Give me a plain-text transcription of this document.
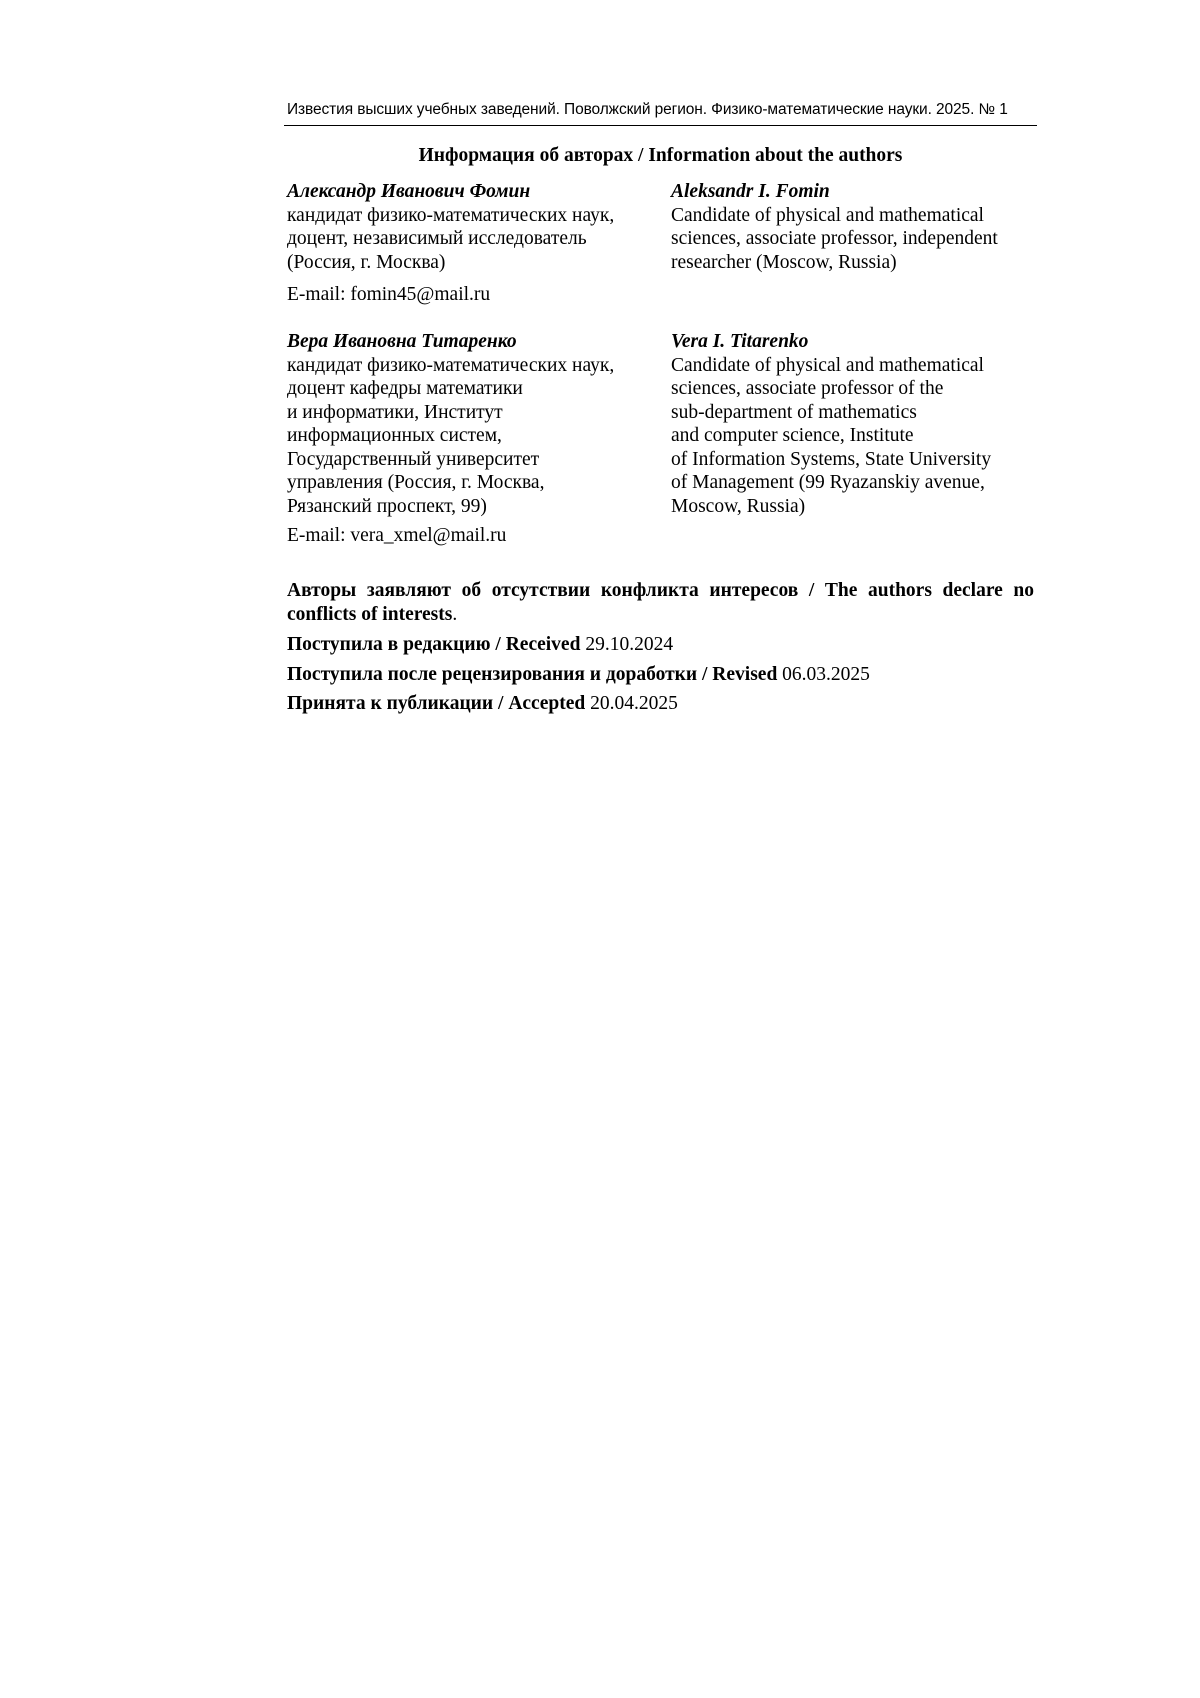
Известия высших учебных заведений. Поволжский регион. Физико-математические науки. 2025. № 1
Информация об авторах / Information about the authors
Александр Иванович Фомин
кандидат физико-математических наук,
доцент, независимый исследователь
(Россия, г. Москва)
Aleksandr I. Fomin
Candidate of physical and mathematical
sciences, associate professor, independent
researcher (Moscow, Russia)
E-mail: fomin45@mail.ru
Вера Ивановна Титаренко
кандидат физико-математических наук,
доцент кафедры математики
и информатики, Институт
информационных систем,
Государственный университет
управления (Россия, г. Москва,
Рязанский проспект, 99)
Vera I. Titarenko
Candidate of physical and mathematical
sciences, associate professor of the
sub-department of mathematics
and computer science, Institute
of Information Systems, State University
of Management (99 Ryazanskiy avenue,
Moscow, Russia)
E-mail: vera_xmel@mail.ru
Авторы заявляют об отсутствии конфликта интересов / The authors declare no conflicts of interests.
Поступила в редакцию / Received 29.10.2024
Поступила после рецензирования и доработки / Revised 06.03.2025
Принята к публикации / Accepted 20.04.2025
